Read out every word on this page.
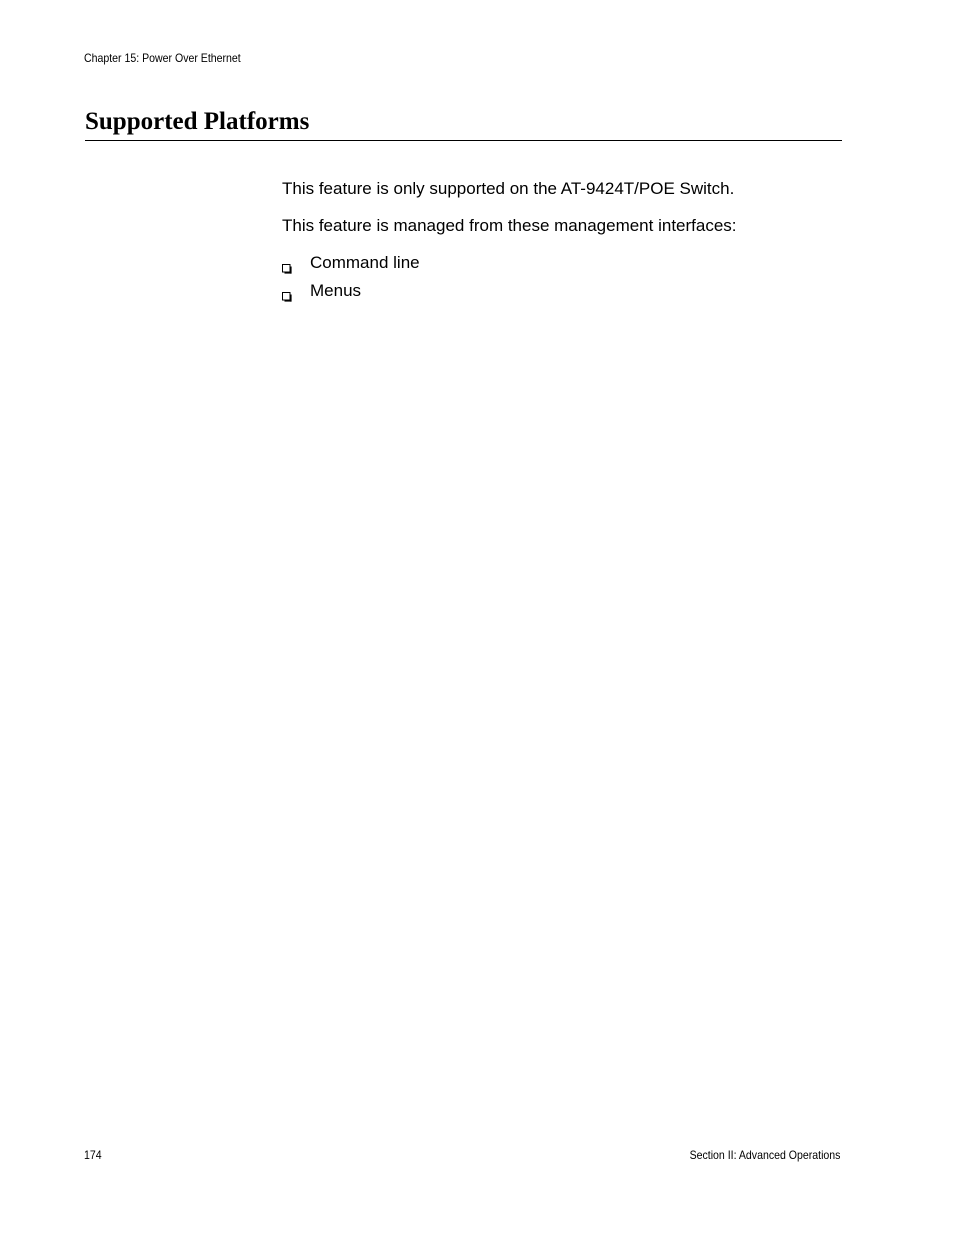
Chapter 15: Power Over Ethernet
Supported Platforms

This feature is only supported on the AT-9424T/POE Switch.

This feature is managed from these management interfaces:

Command line
Menus
174	Section II: Advanced Operations
